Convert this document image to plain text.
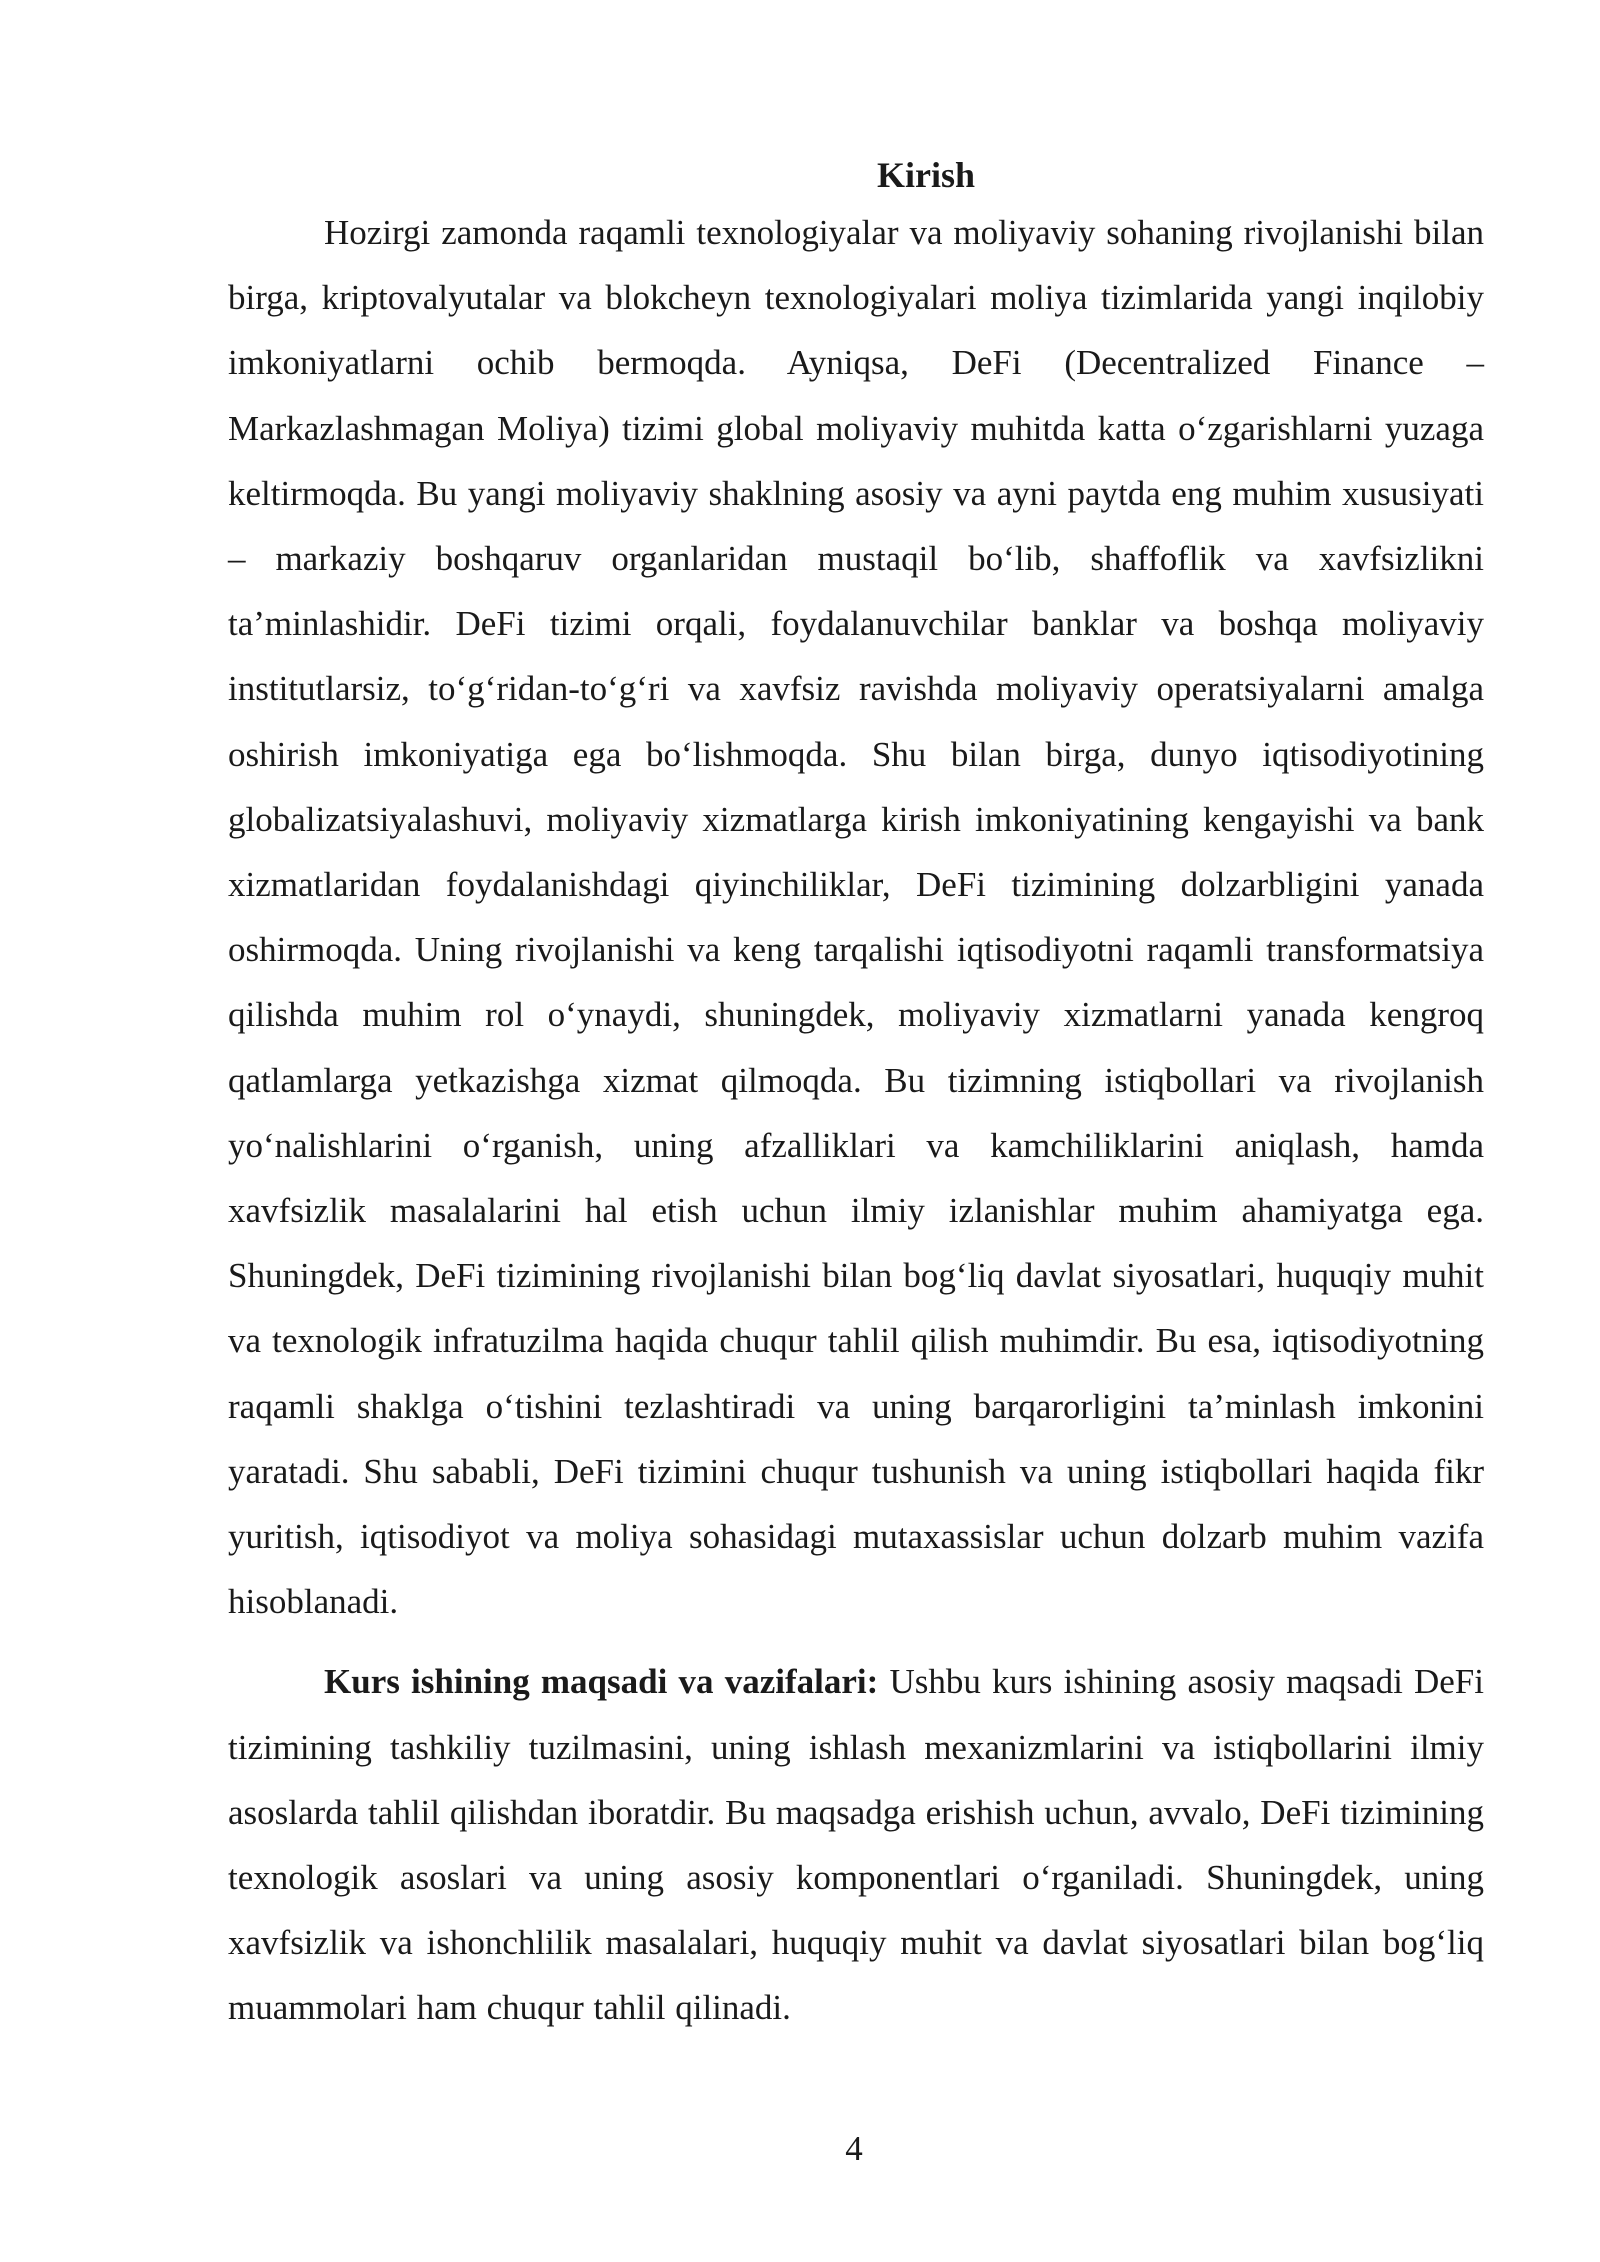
Kirish

Hozirgi zamonda raqamli texnologiyalar va moliyaviy sohaning rivojlanishi bilan birga, kriptovalyutalar va blokcheyn texnologiyalari moliya tizimlarida yangi inqilobiy imkoniyatlarni ochib bermoqda. Ayniqsa, DeFi (Decentralized Finance – Markazlashmagan Moliya) tizimi global moliyaviy muhitda katta o‘zgarishlarni yuzaga keltirmoqda. Bu yangi moliyaviy shaklning asosiy va ayni paytda eng muhim xususiyati – markaziy boshqaruv organlaridan mustaqil bo‘lib, shaffoflik va xavfsizlikni ta’minlashidir. DeFi tizimi orqali, foydalanuvchilar banklar va boshqa moliyaviy institutlarsiz, to‘g‘ridan-to‘g‘ri va xavfsiz ravishda moliyaviy operatsiyalarni amalga oshirish imkoniyatiga ega bo‘lishmoqda. Shu bilan birga, dunyo iqtisodiyotining globalizatsiyalashuvi, moliyaviy xizmatlarga kirish imkoniyatining kengayishi va bank xizmatlaridan foydalanishdagi qiyinchiliklar, DeFi tizimining dolzarbligini yanada oshirmoqda. Uning rivojlanishi va keng tarqalishi iqtisodiyotni raqamli transformatsiya qilishda muhim rol o‘ynaydi, shuningdek, moliyaviy xizmatlarni yanada kengroq qatlamlarga yetkazishga xizmat qilmoqda. Bu tizimning istiqbollari va rivojlanish yo‘nalishlarini o‘rganish, uning afzalliklari va kamchiliklarini aniqlash, hamda xavfsizlik masalalarini hal etish uchun ilmiy izlanishlar muhim ahamiyatga ega. Shuningdek, DeFi tizimining rivojlanishi bilan bog‘liq davlat siyosatlari, huquqiy muhit va texnologik infratuzilma haqida chuqur tahlil qilish muhimdir. Bu esa, iqtisodiyotning raqamli shaklga o‘tishini tezlashtiradi va uning barqarorligini ta’minlash imkonini yaratadi. Shu sababli, DeFi tizimini chuqur tushunish va uning istiqbollari haqida fikr yuritish, iqtisodiyot va moliya sohasidagi mutaxassislar uchun dolzarb muhim vazifa hisoblanadi.

Kurs ishining maqsadi va vazifalari: Ushbu kurs ishining asosiy maqsadi DeFi tizimining tashkiliy tuzilmasini, uning ishlash mexanizmlarini va istiqbollarini ilmiy asoslarda tahlil qilishdan iboratdir. Bu maqsadga erishish uchun, avvalo, DeFi tizimining texnologik asoslari va uning asosiy komponentlari o‘rganiladi. Shuningdek, uning xavfsizlik va ishonchlilik masalalari, huquqiy muhit va davlat siyosatlari bilan bog‘liq muammolari ham chuqur tahlil qilinadi.

4
